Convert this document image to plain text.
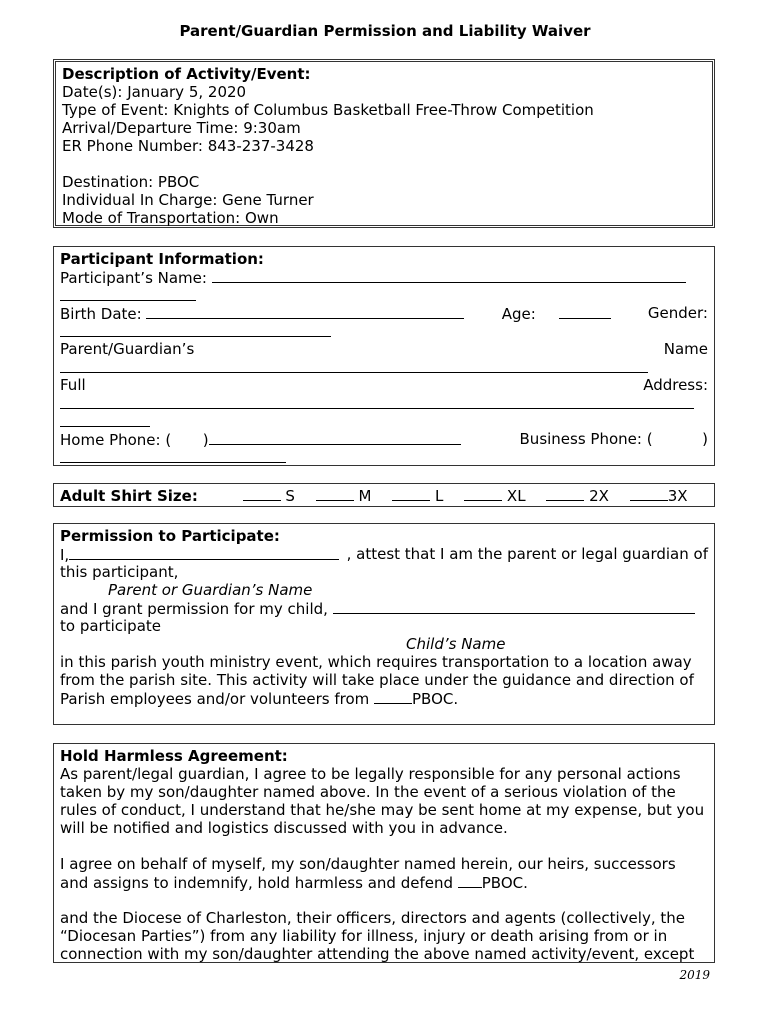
Parent/Guardian Permission and Liability Waiver
Description of Activity/Event:
Date(s): January 5, 2020
Type of Event: Knights of Columbus Basketball Free-Throw Competition
Arrival/Departure Time: 9:30am
ER Phone Number: 843-237-3428
Destination: PBOC
Individual In Charge: Gene Turner
Mode of Transportation: Own
Participant Information:
Participant’s Name:
Birth Date:	Age:	Gender:
Parent/Guardian’s	Name
Full	Address:
Home Phone: ( )	Business Phone: (	)
Adult Shirt Size:	S	M	L	XL	2X	3X
Permission to Participate:
I,	, attest that I am the parent or legal guardian of
this participant,
Parent or Guardian’s Name
and I grant permission for my child,
to participate
Child’s Name
in this parish youth ministry event, which requires transportation to a location away
from the parish site. This activity will take place under the guidance and direction of
Parish employees and/or volunteers from	PBOC.
Hold Harmless Agreement:
As parent/legal guardian, I agree to be legally responsible for any personal actions
taken by my son/daughter named above. In the event of a serious violation of the
rules of conduct, I understand that he/she may be sent home at my expense, but you
will be notified and logistics discussed with you in advance.
I agree on behalf of myself, my son/daughter named herein, our heirs, successors
and assigns to indemnify, hold harmless and defend PBOC.
and the Diocese of Charleston, their officers, directors and agents (collectively, the
“Diocesan Parties”) from any liability for illness, injury or death arising from or in
connection with my son/daughter attending the above named activity/event, except
2019
